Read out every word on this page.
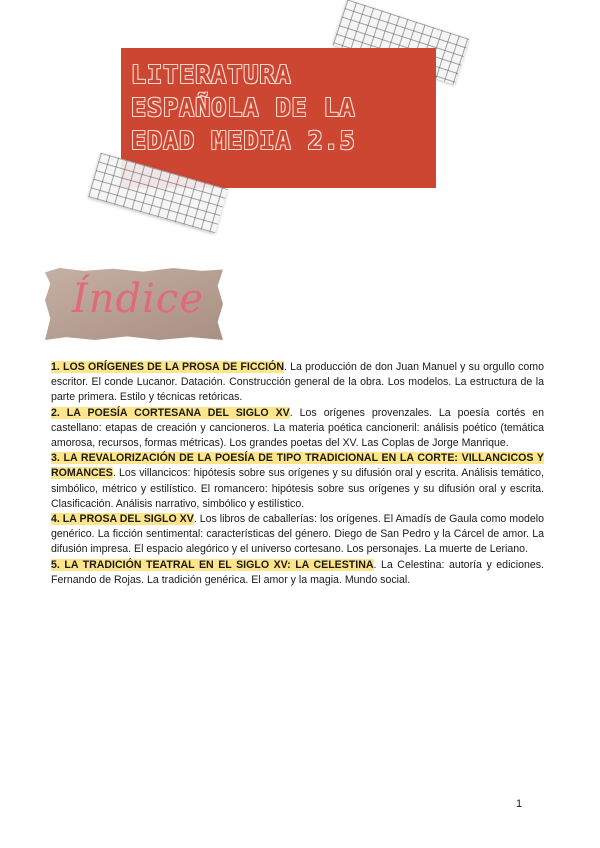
LITERATURA
ESPAÑOLA DE LA
EDAD MEDIA 2.5
Índice

1. LOS ORÍGENES DE LA PROSA DE FICCIÓN. La producción de don Juan Manuel y su orgullo como escritor. El conde Lucanor. Datación. Construcción general de la obra. Los modelos. La estructura de la parte primera. Estilo y técnicas retóricas.

2. LA POESÍA CORTESANA DEL SIGLO XV. Los orígenes provenzales. La poesía cortés en castellano: etapas de creación y cancioneros. La materia poética cancioneril: análisis poético (temática amorosa, recursos, formas métricas). Los grandes poetas del XV. Las Coplas de Jorge Manrique.

3. LA REVALORIZACIÓN DE LA POESÍA DE TIPO TRADICIONAL EN LA CORTE: VILLANCICOS Y ROMANCES. Los villancicos: hipótesis sobre sus orígenes y su difusión oral y escrita. Análisis temático, simbólico, métrico y estilístico. El romancero: hipótesis sobre sus orígenes y su difusión oral y escrita. Clasificación. Análisis narrativo, simbólico y estilístico.

4. LA PROSA DEL SIGLO XV. Los libros de caballerías: los orígenes. El Amadís de Gaula como modelo genérico. La ficción sentimental: características del género. Diego de San Pedro y la Cárcel de amor. La difusión impresa. El espacio alegórico y el universo cortesano. Los personajes. La muerte de Leriano.

5. LA TRADICIÓN TEATRAL EN EL SIGLO XV: LA CELESTINA. La Celestina: autoría y ediciones. Fernando de Rojas. La tradición genérica. El amor y la magia. Mundo social.

1
